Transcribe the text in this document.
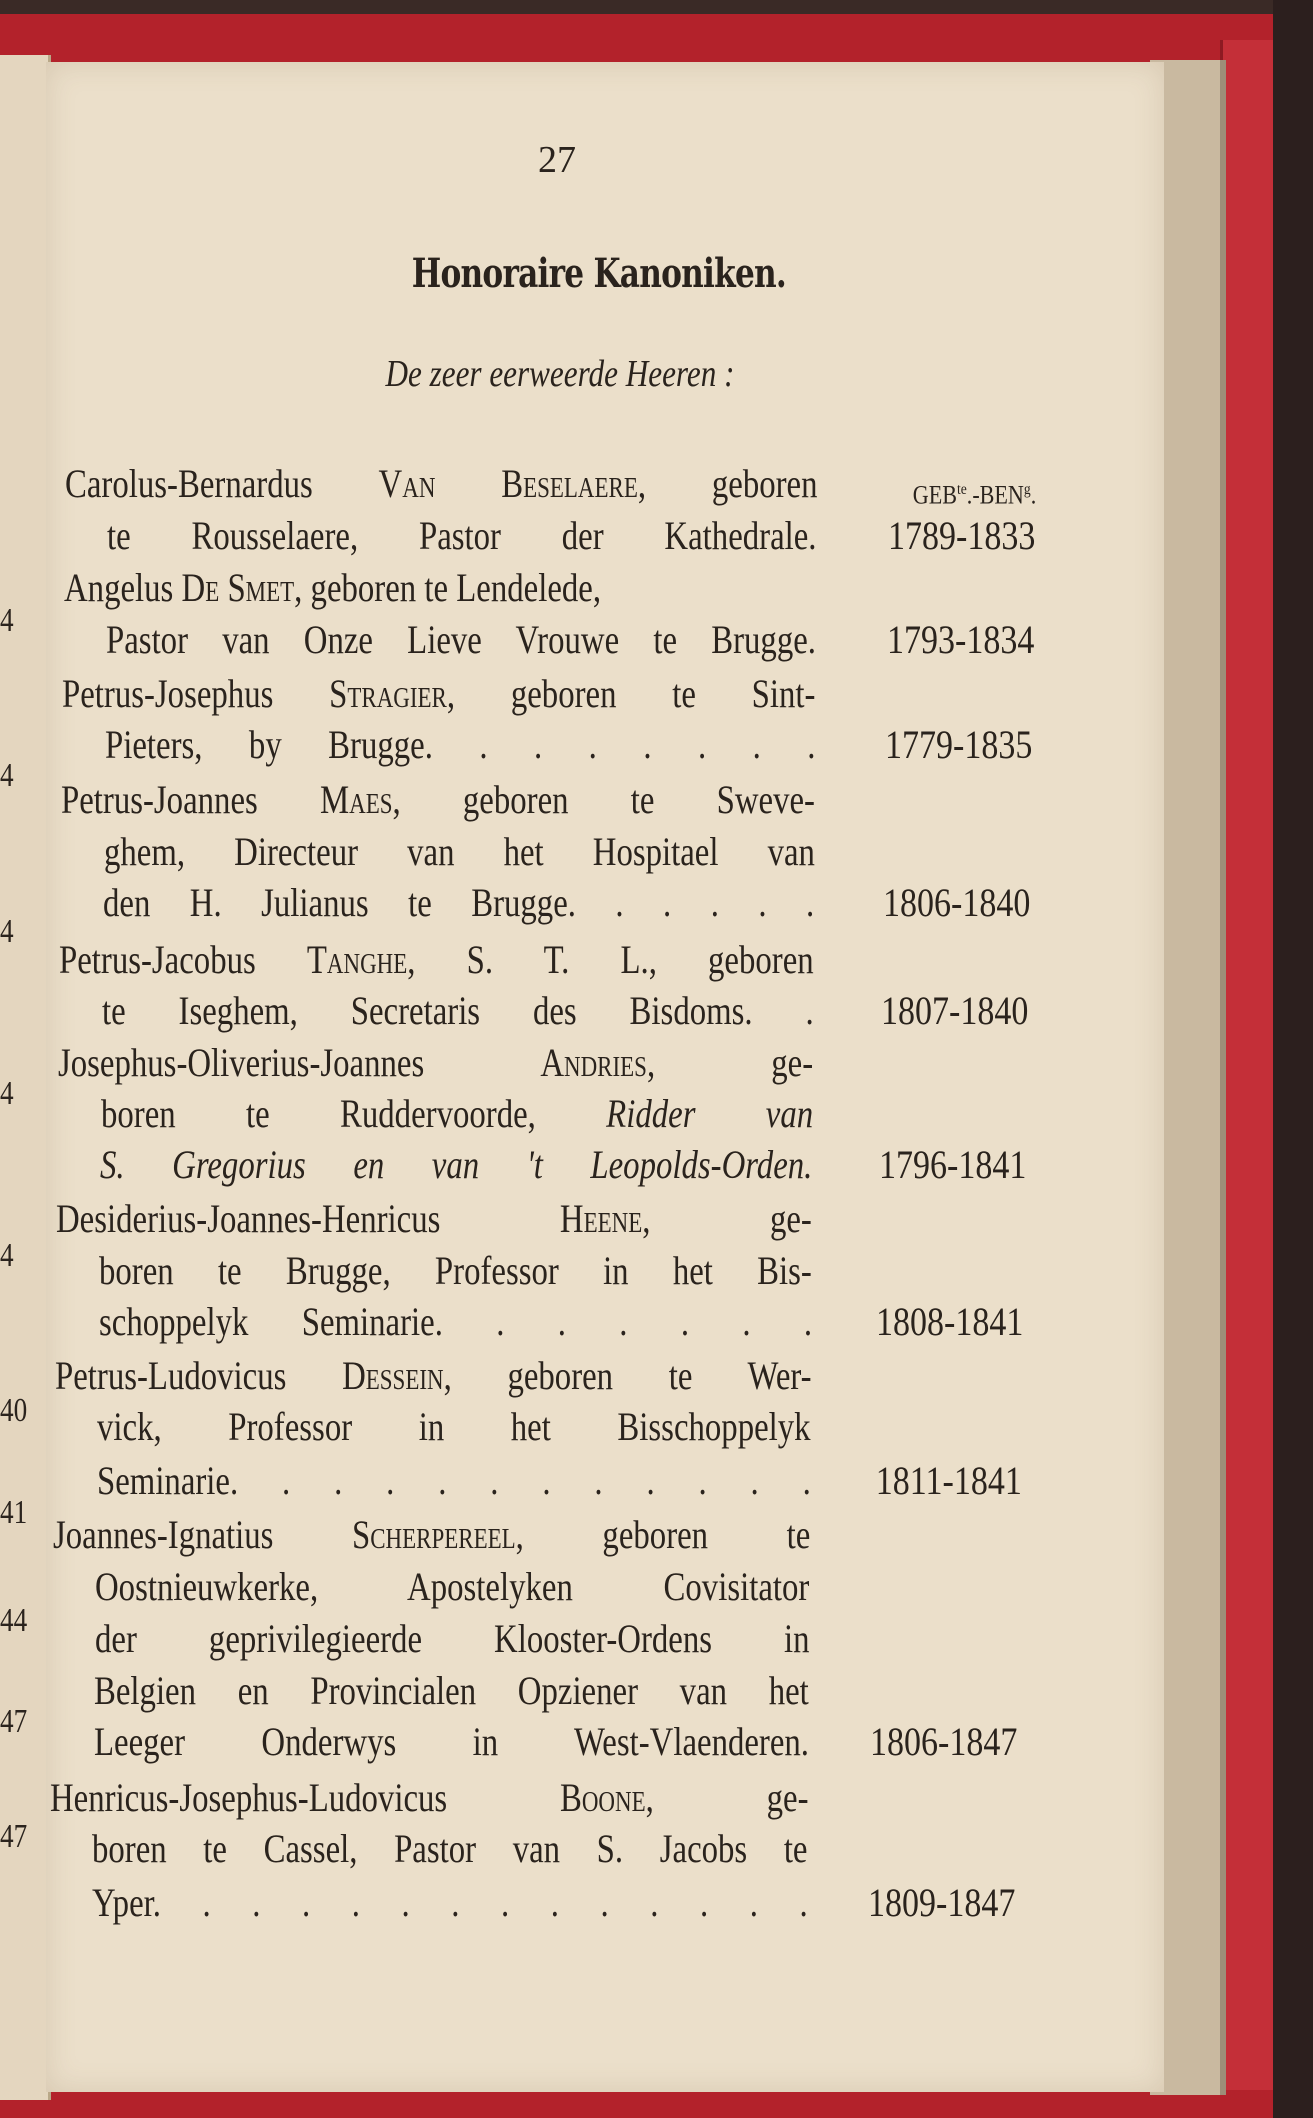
27
Honoraire Kanoniken.
De zeer eerweerde Heeren :
Carolus-Bernardus Van Beselaere, geboren	$GEB^{te}.-BEN^g$.
te Rousselaere, Pastor der Kathedrale. 1789-1833
Angelus De Smet, geboren te Lendelede,
Pastor van Onze Lieve Vrouwe te Brugge. 1793-1834
Petrus-Josephus Stragier, geboren te Sint-
Pieters, by Brugge. . . . . . . . 1779-1835
Petrus-Joannes Maes, geboren te Sweve-
ghem, Directeur van het Hospitael van
den H. Julianus te Brugge. . . . . . 1806-1840
Petrus-Jacobus Tanghe, S. T. L., geboren
te Iseghem, Secretaris des Bisdoms. . 1807-1840
Josephus-Oliverius-Joannes Andries, ge-
boren te Ruddervoorde, Ridder van
S. Gregorius en van 't Leopolds-Orden. 1796-1841
Desiderius-Joannes-Henricus Heene, ge-
boren te Brugge, Professor in het Bis-
schoppelyk Seminarie. . . . . . . 1808-1841
Petrus-Ludovicus Dessein, geboren te Wer-
vick, Professor in het Bisschoppelyk
Seminarie. . . . . . . . . . . . 1811-1841
Joannes-Ignatius Scherpereel, geboren te
Oostnieuwkerke, Apostelyken Covisitator
der geprivilegieerde Klooster-Ordens in
Belgien en Provincialen Opziener van het
Leeger Onderwys in West-Vlaenderen. 1806-1847
Henricus-Josephus-Ludovicus Boone, ge-
boren te Cassel, Pastor van S. Jacobs te
Yper. . . . . . . . . . . . . . 1809-1847
4
4
4
4
4
40
41
44
47
47
